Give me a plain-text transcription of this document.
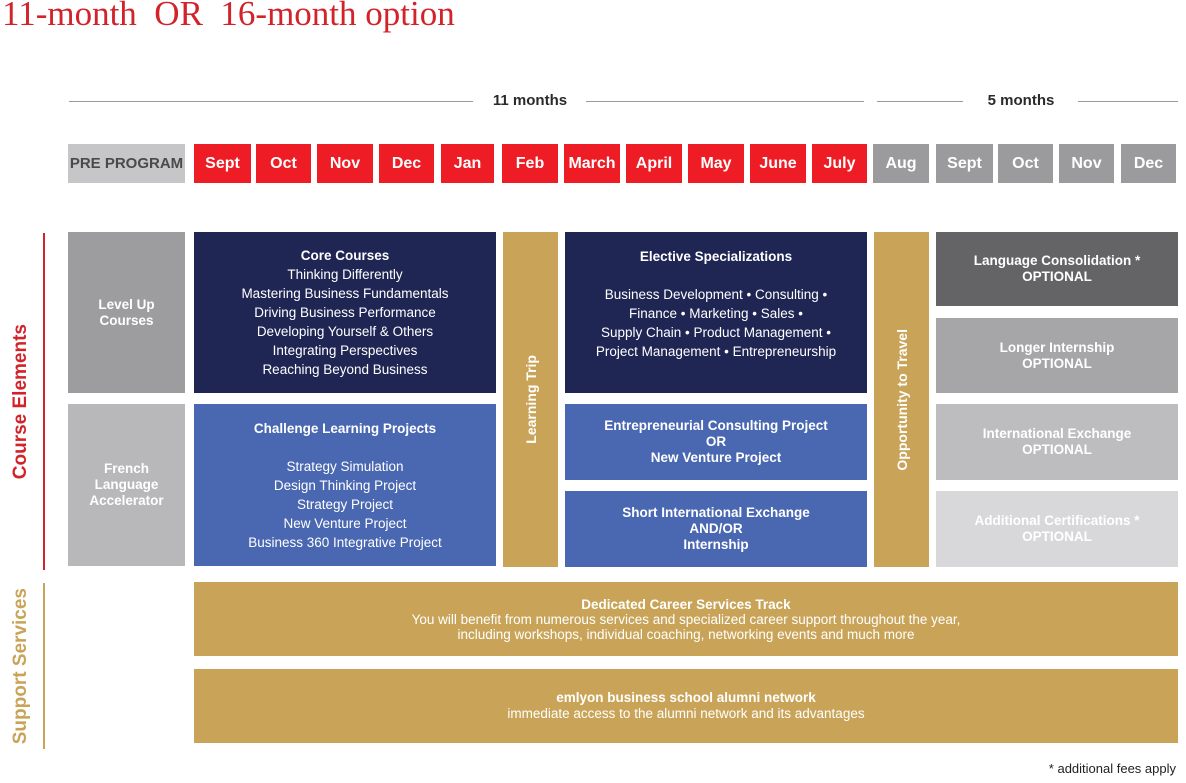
11-month  OR  16-month option
11 months	5 months
PRE PROGRAM	Sept	Oct	Nov	Dec	Jan	Feb	March	April	May	June	July	Aug	Sept	Oct	Nov	Dec
Course Elements
Support Services
Level Up
Courses
French
Language
Accelerator
Core Courses
Thinking Differently
Mastering Business Fundamentals
Driving Business Performance
Developing Yourself & Others
Integrating Perspectives
Reaching Beyond Business
Challenge Learning Projects
Strategy Simulation
Design Thinking Project
Strategy Project
New Venture Project
Business 360 Integrative Project
Learning Trip
Elective Specializations
Business Development • Consulting •
Finance • Marketing • Sales •
Supply Chain • Product Management •
Project Management • Entrepreneurship
Entrepreneurial Consulting Project
OR
New Venture Project
Short International Exchange
AND/OR
Internship
Opportunity to Travel
Language Consolidation *
OPTIONAL
Longer Internship
OPTIONAL
International Exchange
OPTIONAL
Additional Certifications *
OPTIONAL
Dedicated Career Services Track
You will benefit from numerous services and specialized career support throughout the year,
including workshops, individual coaching, networking events and much more
emlyon business school alumni network
immediate access to the alumni network and its advantages
* additional fees apply
